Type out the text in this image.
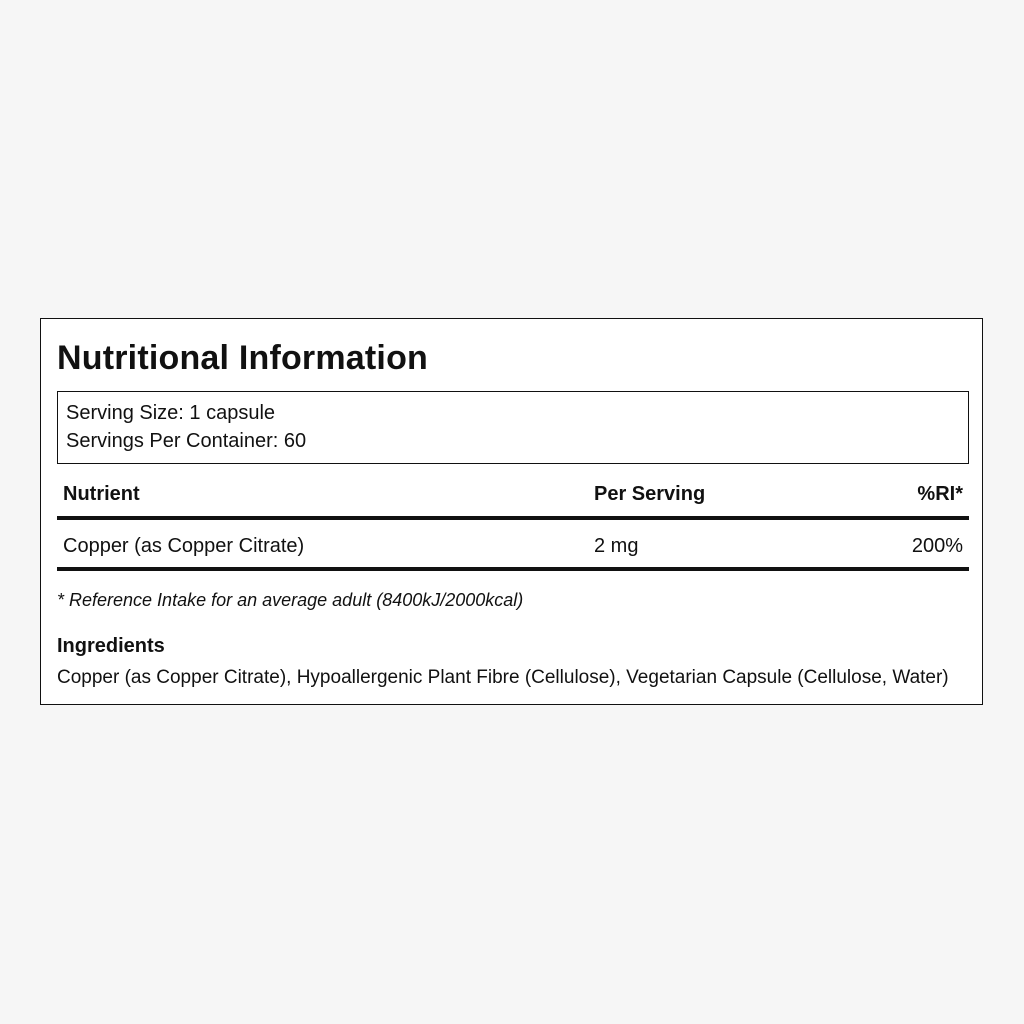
Nutritional Information
Serving Size: 1 capsule
Servings Per Container: 60
Nutrient	Per Serving	%RI*
Copper (as Copper Citrate)	2 mg	200%
* Reference Intake for an average adult (8400kJ/2000kcal)
Ingredients
Copper (as Copper Citrate), Hypoallergenic Plant Fibre (Cellulose), Vegetarian Capsule (Cellulose, Water)
